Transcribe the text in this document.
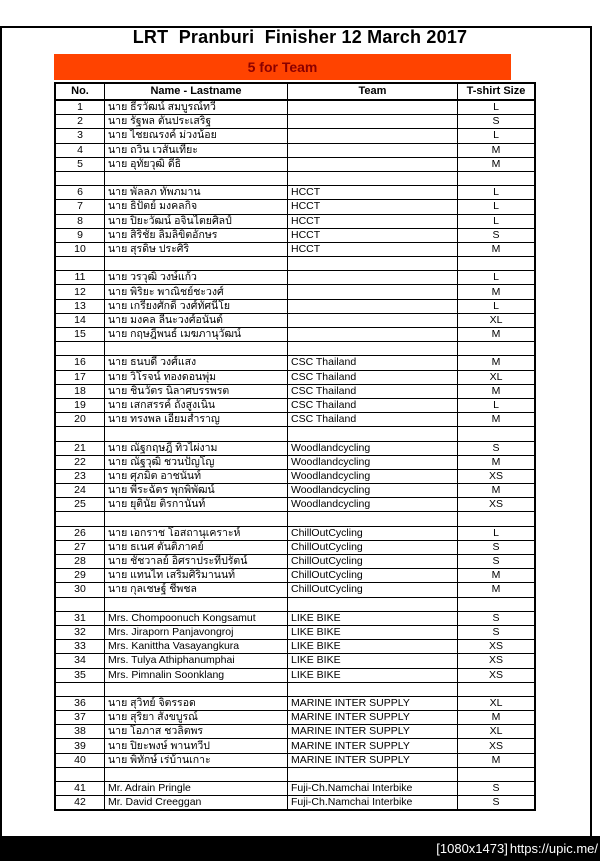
LRT  Pranburi  Finisher 12 March 2017
5 for Team
No.	Name - Lastname	Team	T-shirt Size
1	นาย ธีรวัฒน์ สมบูรณ์ทวี		L
2	นาย รัฐพล ตันประเสริฐ		S
3	นาย ไชยณรงค์ ม่วงน้อย		L
4	นาย ถวิน เวสันเทียะ		M
5	นาย อุทัยวุฒิ ดีธิ		M

6	นาย พัลลภ ทัพภมาน	HCCT	L
7	นาย ธิปัตย์ มงคลกิจ	HCCT	L
8	นาย ปิยะวัฒน์ อจินไตยศิลป์	HCCT	L
9	นาย สิริชัย ลิ้มลิขิตอักษร	HCCT	S
10	นาย สุรดิษ ประศิริ	HCCT	M

11	นาย วรวุฒิ วงษ์แก้ว		L
12	นาย พิริยะ พาณิชย์ชะวงศ์		M
13	นาย เกรียงศักดิ์ วงศ์ทัศนีโย		L
14	นาย มงคล ลีนะวงศ์อนันต์		XL
15	นาย กฤษฎิ์พนธ์ เมฆภานุวัฒน์		M

16	นาย ธนบดี วงศ์แสง	CSC Thailand	M
17	นาย วิโรจน์ ทองดอนพุ่ม	CSC Thailand	XL
18	นาย ชินวัตร นิลาศบรรพรต	CSC Thailand	M
19	นาย เสกสรรค์ ถังสูงเนิน	CSC Thailand	L
20	นาย ทรงพล เอี่ยมสำราญ	CSC Thailand	M

21	นาย ณัฐกฤษฎิ์ ทิวไผ่งาม	Woodlandcycling	S
22	นาย ณัฐวุฒิ ชวนปัญโญ	Woodlandcycling	M
23	นาย ศุภมิต อาชนันท์	Woodlandcycling	XS
24	นาย พีระฉัตร พุกพิพัฒน์	Woodlandcycling	M
25	นาย ยุตินัย ติรกานันท์	Woodlandcycling	XS

26	นาย เอกราช โอสถานุเคราะห์	ChillOutCycling	L
27	นาย ธเนศ ตันติภาคย์	ChillOutCycling	S
28	นาย ชัชวาลย์ อิศราประทีปรัตน์	ChillOutCycling	S
29	นาย แทนไท เสริมศิริมานนท์	ChillOutCycling	M
30	นาย กุลเชษฐ์ ชีพชล	ChillOutCycling	M

31	Mrs. Chompoonuch Kongsamut	LIKE BIKE	S
32	Mrs. Jiraporn Panjavongroj	LIKE BIKE	S
33	Mrs. Kanittha Vasayangkura	LIKE BIKE	XS
34	Mrs. Tulya Athiphanumphai	LIKE BIKE	XS
35	Mrs. Pimnalin Soonklang	LIKE BIKE	XS

36	นาย สุวิทย์ จิตรรอด	MARINE INTER SUPPLY	XL
37	นาย สุริยา สังขบูรณ์	MARINE INTER SUPPLY	M
38	นาย โอภาส ชวลิตพร	MARINE INTER SUPPLY	XL
39	นาย ปิยะพงษ์ พานทวีป	MARINE INTER SUPPLY	XS
40	นาย พิทักษ์ เร่บ้านเกาะ	MARINE INTER SUPPLY	M

41	Mr. Adrain Pringle	Fuji-Ch.Namchai Interbike	S
42	Mr. David Creeggan	Fuji-Ch.Namchai Interbike	S
[1080x1473] https://upic.me/
